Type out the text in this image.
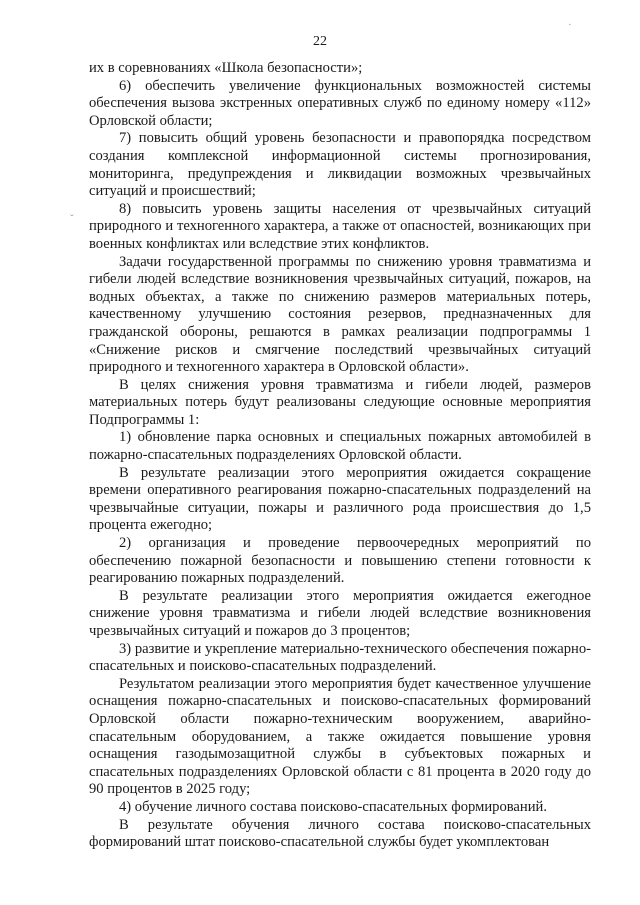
·
ˇ
22

их в соревнованиях «Школа безопасности»;

6) обеспечить увеличение функциональных возможностей системы обеспечения вызова экстренных оперативных служб по единому номеру «112» Орловской области;

7) повысить общий уровень безопасности и правопорядка посредством создания комплексной информационной системы прогнозирования, мониторинга, предупреждения и ликвидации возможных чрезвычайных ситуаций и происшествий;

8) повысить уровень защиты населения от чрезвычайных ситуаций природного и техногенного характера, а также от опасностей, возникающих при военных конфликтах или вследствие этих конфликтов.

Задачи государственной программы по снижению уровня травматизма и гибели людей вследствие возникновения чрезвычайных ситуаций, пожаров, на водных объектах, а также по снижению размеров материальных потерь, качественному улучшению состояния резервов, предназначенных для гражданской обороны, решаются в рамках реализации подпрограммы 1 «Снижение рисков и смягчение последствий чрезвычайных ситуаций природного и техногенного характера в Орловской области».

В целях снижения уровня травматизма и гибели людей, размеров материальных потерь будут реализованы следующие основные мероприятия Подпрограммы 1:

1) обновление парка основных и специальных пожарных автомобилей в пожарно-спасательных подразделениях Орловской области.

В результате реализации этого мероприятия ожидается сокращение времени оперативного реагирования пожарно-спасательных подразделений на чрезвычайные ситуации, пожары и различного рода происшествия до 1,5 процента ежегодно;

2) организация и проведение первоочередных мероприятий по обеспечению пожарной безопасности и повышению степени готовности к реагированию пожарных подразделений.

В результате реализации этого мероприятия ожидается ежегодное снижение уровня травматизма и гибели людей вследствие возникновения чрезвычайных ситуаций и пожаров до 3 процентов;

3) развитие и укрепление материально-технического обеспечения пожарно-спасательных и поисково-спасательных подразделений.

Результатом реализации этого мероприятия будет качественное улучшение оснащения пожарно-спасательных и поисково-спасательных формирований Орловской области пожарно-техническим вооружением, аварийно-спасательным оборудованием, а также ожидается повышение уровня оснащения газодымозащитной службы в субъектовых пожарных и спасательных подразделениях Орловской области с 81 процента в 2020 году до 90 процентов в 2025 году;

4) обучение личного состава поисково-спасательных формирований.

В результате обучения личного состава поисково-спасательных формирований штат поисково-спасательной службы будет укомплектован
